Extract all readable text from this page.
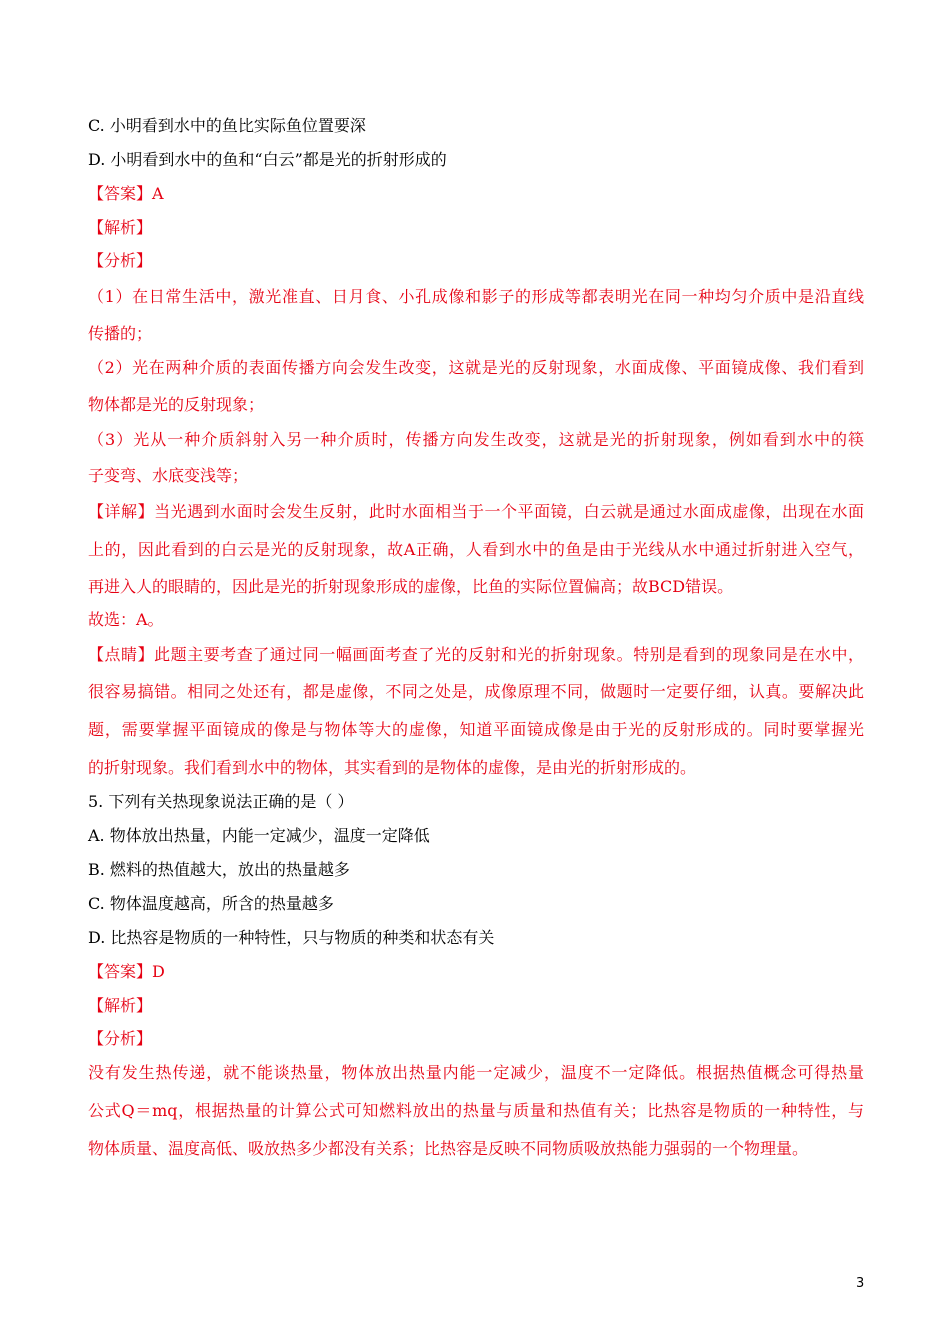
C. 小明看到水中的鱼比实际鱼位置要深
D. 小明看到水中的鱼和“白云”都是光的折射形成的
【答案】A
【解析】
【分析】
（1）在日常生活中，激光准直、日月食、小孔成像和影子的形成等都表明光在同一种均匀介质中是沿直线
传播的；
（2）光在两种介质的表面传播方向会发生改变，这就是光的反射现象，水面成像、平面镜成像、我们看到
物体都是光的反射现象；
（3）光从一种介质斜射入另一种介质时，传播方向发生改变，这就是光的折射现象，例如看到水中的筷
子变弯、水底变浅等；
【详解】当光遇到水面时会发生反射，此时水面相当于一个平面镜，白云就是通过水面成虚像，出现在水面
上的，因此看到的白云是光的反射现象，故A正确，人看到水中的鱼是由于光线从水中通过折射进入空气，
再进入人的眼睛的，因此是光的折射现象形成的虚像，比鱼的实际位置偏高；故BCD错误。
故选：A。
【点睛】此题主要考查了通过同一幅画面考查了光的反射和光的折射现象。特别是看到的现象同是在水中，
很容易搞错。相同之处还有，都是虚像，不同之处是，成像原理不同，做题时一定要仔细，认真。要解决此
题，需要掌握平面镜成的像是与物体等大的虚像，知道平面镜成像是由于光的反射形成的。同时要掌握光
的折射现象。我们看到水中的物体，其实看到的是物体的虚像，是由光的折射形成的。
5. 下列有关热现象说法正确的是（ ）
A. 物体放出热量，内能一定减少，温度一定降低
B. 燃料的热值越大，放出的热量越多
C. 物体温度越高，所含的热量越多
D. 比热容是物质的一种特性，只与物质的种类和状态有关
【答案】D
【解析】
【分析】
没有发生热传递，就不能谈热量，物体放出热量内能一定减少，温度不一定降低。根据热值概念可得热量
公式Q＝mq，根据热量的计算公式可知燃料放出的热量与质量和热值有关；比热容是物质的一种特性，与
物体质量、温度高低、吸放热多少都没有关系；比热容是反映不同物质吸放热能力强弱的一个物理量。
3
